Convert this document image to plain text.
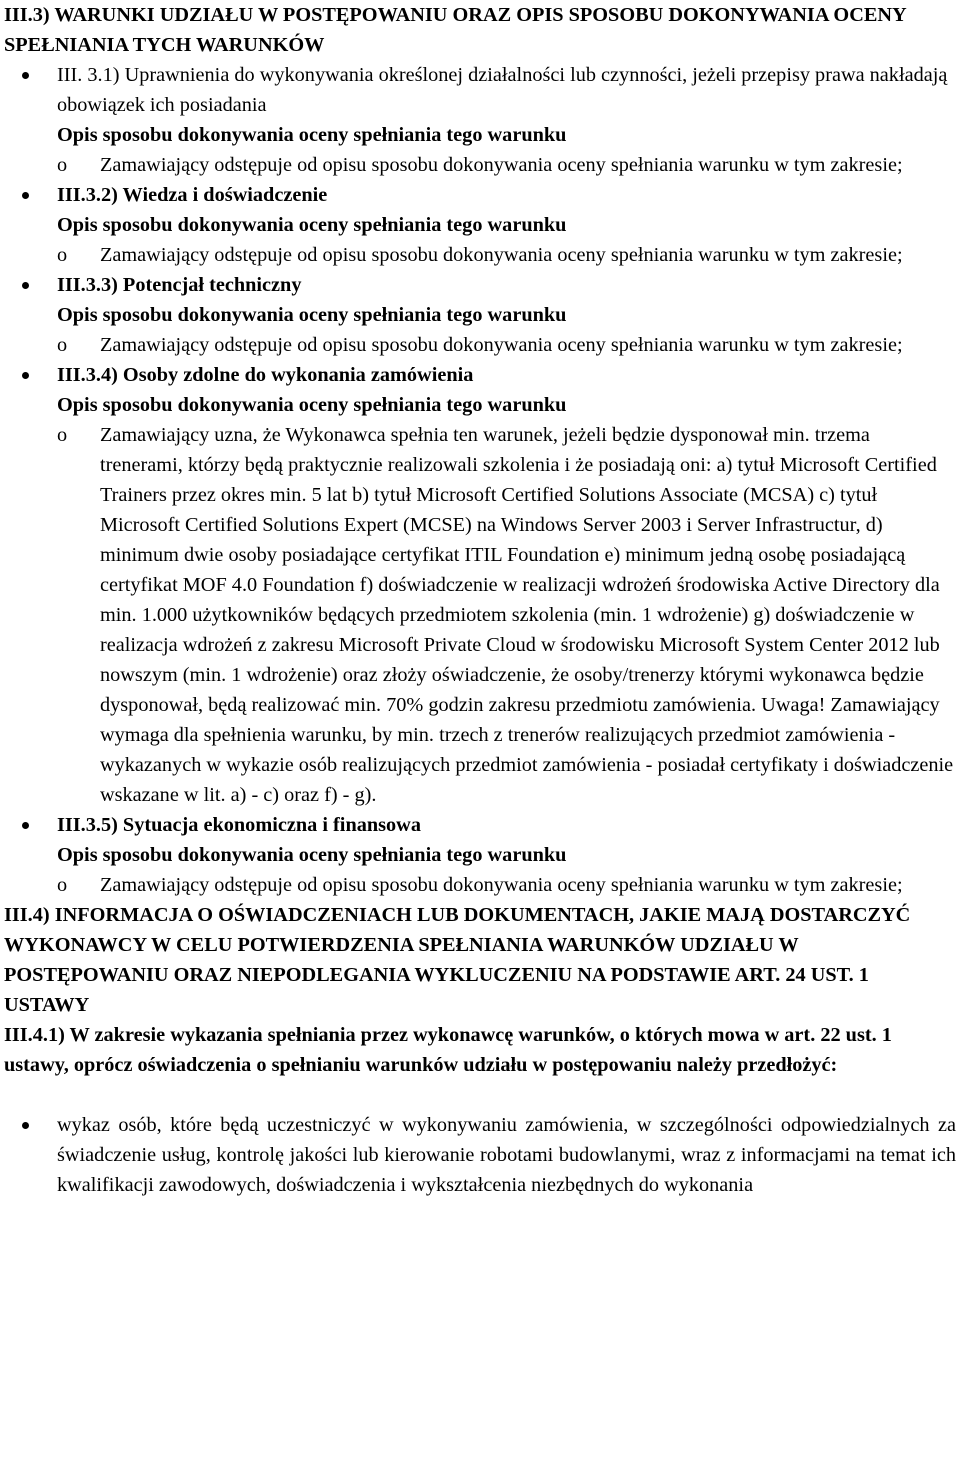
III.3) WARUNKI UDZIAŁU W POSTĘPOWANIU ORAZ OPIS SPOSOBU DOKONYWANIA OCENY SPEŁNIANIA TYCH WARUNKÓW

III. 3.1) Uprawnienia do wykonywania określonej działalności lub czynności, jeżeli przepisy prawa nakładają obowiązek ich posiadania

Opis sposobu dokonywania oceny spełniania tego warunku

o Zamawiający odstępuje od opisu sposobu dokonywania oceny spełniania warunku w tym zakresie;

III.3.2) Wiedza i doświadczenie

Opis sposobu dokonywania oceny spełniania tego warunku

o Zamawiający odstępuje od opisu sposobu dokonywania oceny spełniania warunku w tym zakresie;

III.3.3) Potencjał techniczny

Opis sposobu dokonywania oceny spełniania tego warunku

o Zamawiający odstępuje od opisu sposobu dokonywania oceny spełniania warunku w tym zakresie;

III.3.4) Osoby zdolne do wykonania zamówienia

Opis sposobu dokonywania oceny spełniania tego warunku

o Zamawiający uzna, że Wykonawca spełnia ten warunek, jeżeli będzie dysponował min. trzema trenerami, którzy będą praktycznie realizowali szkolenia i że posiadają oni: a) tytuł Microsoft Certified Trainers przez okres min. 5 lat b) tytuł Microsoft Certified Solutions Associate (MCSA) c) tytuł Microsoft Certified Solutions Expert (MCSE) na Windows Server 2003 i Server Infrastructur, d) minimum dwie osoby posiadające certyfikat ITIL Foundation e) minimum jedną osobę posiadającą certyfikat MOF 4.0 Foundation f) doświadczenie w realizacji wdrożeń środowiska Active Directory dla min. 1.000 użytkowników będących przedmiotem szkolenia (min. 1 wdrożenie) g) doświadczenie w realizacja wdrożeń z zakresu Microsoft Private Cloud w środowisku Microsoft System Center 2012 lub nowszym (min. 1 wdrożenie) oraz złoży oświadczenie, że osoby/trenerzy którymi wykonawca będzie dysponował, będą realizować min. 70% godzin zakresu przedmiotu zamówienia. Uwaga! Zamawiający wymaga dla spełnienia warunku, by min. trzech z trenerów realizujących przedmiot zamówienia - wykazanych w wykazie osób realizujących przedmiot zamówienia - posiadał certyfikaty i doświadczenie wskazane w lit. a) - c) oraz f) - g).

III.3.5) Sytuacja ekonomiczna i finansowa

Opis sposobu dokonywania oceny spełniania tego warunku

o Zamawiający odstępuje od opisu sposobu dokonywania oceny spełniania warunku w tym zakresie;

III.4) INFORMACJA O OŚWIADCZENIACH LUB DOKUMENTACH, JAKIE MAJĄ DOSTARCZYĆ WYKONAWCY W CELU POTWIERDZENIA SPEŁNIANIA WARUNKÓW UDZIAŁU W POSTĘPOWANIU ORAZ NIEPODLEGANIA WYKLUCZENIU NA PODSTAWIE ART. 24 UST. 1 USTAWY

III.4.1) W zakresie wykazania spełniania przez wykonawcę warunków, o których mowa w art. 22 ust. 1 ustawy, oprócz oświadczenia o spełnianiu warunków udziału w postępowaniu należy przedłożyć:

wykaz osób, które będą uczestniczyć w wykonywaniu zamówienia, w szczególności odpowiedzialnych za świadczenie usług, kontrolę jakości lub kierowanie robotami budowlanymi, wraz z informacjami na temat ich kwalifikacji zawodowych, doświadczenia i wykształcenia niezbędnych do wykonania
